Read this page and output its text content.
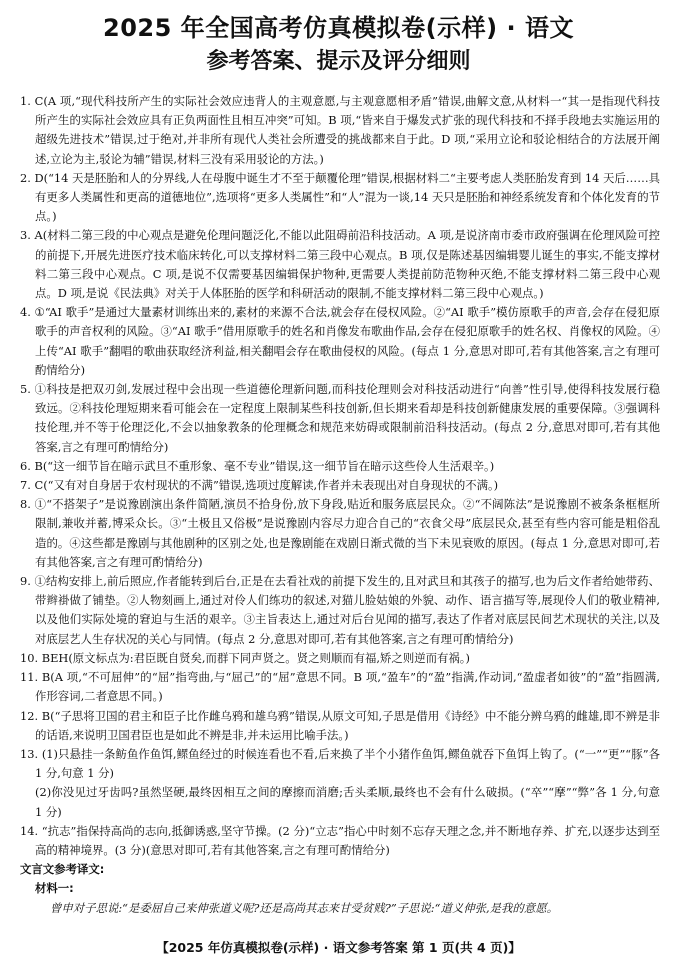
2025 年全国高考仿真模拟卷(示样) · 语文
参考答案、提示及评分细则

1. C(A 项,“现代科技所产生的实际社会效应违背人的主观意愿,与主观意愿相矛盾”错误,曲解文意,从材料一“其一是指现代科技所产生的实际社会效应具有正负两面性且相互冲突”可知。B 项,“皆来自于爆发式扩张的现代科技和不择手段地去实施运用的超级先进技术”错误,过于绝对,并非所有现代人类社会所遭受的挑战都来自于此。D 项,“采用立论和驳论相结合的方法展开阐述,立论为主,驳论为辅”错误,材料三没有采用驳论的方法。)

2. D(“14 天是胚胎和人的分界线,人在母腹中诞生才不至于颠覆伦理”错误,根据材料二“主要考虑人类胚胎发育到 14 天后……具有更多人类属性和更高的道德地位”,选项将“更多人类属性”和“人”混为一谈,14 天只是胚胎和神经系统发育和个体化发育的节点。)

3. A(材料二第三段的中心观点是避免伦理问题泛化,不能以此阻碍前沿科技活动。A 项,是说济南市委市政府强调在伦理风险可控的前提下,开展先进医疗技术临床转化,可以支撑材料二第三段中心观点。B 项,仅是陈述基因编辑婴儿诞生的事实,不能支撑材料二第三段中心观点。C 项,是说不仅需要基因编辑保护物种,更需要人类提前防范物种灭绝,不能支撑材料二第三段中心观点。D 项,是说《民法典》对关于人体胚胎的医学和科研活动的限制,不能支撑材料二第三段中心观点。)

4. ①“AI 歌手”是通过大量素材训练出来的,素材的来源不合法,就会存在侵权风险。②“AI 歌手”模仿原歌手的声音,会存在侵犯原歌手的声音权利的风险。③“AI 歌手”借用原歌手的姓名和肖像发布歌曲作品,会存在侵犯原歌手的姓名权、肖像权的风险。④上传“AI 歌手”翻唱的歌曲获取经济利益,相关翻唱会存在歌曲侵权的风险。(每点 1 分,意思对即可,若有其他答案,言之有理可酌情给分)

5. ①科技是把双刃剑,发展过程中会出现一些道德伦理新问题,而科技伦理则会对科技活动进行“向善”性引导,使得科技发展行稳致远。②科技伦理短期来看可能会在一定程度上限制某些科技创新,但长期来看却是科技创新健康发展的重要保障。③强调科技伦理,并不等于伦理泛化,不会以抽象教条的伦理概念和规范来妨碍或限制前沿科技活动。(每点 2 分,意思对即可,若有其他答案,言之有理可酌情给分)

6. B(“这一细节旨在暗示武旦不重形象、毫不专业”错误,这一细节旨在暗示这些伶人生活艰辛。)

7. C(“又有对自身居于农村现状的不满”错误,选项过度解读,作者并未表现出对自身现状的不满。)

8. ①“不搭架子”是说豫剧演出条件简陋,演员不拾身份,放下身段,贴近和服务底层民众。②“不阔陈法”是说豫剧不被条条框框所限制,兼收并蓄,博采众长。③“土极且又俗极”是说豫剧内容尽力迎合自己的“衣食父母”底层民众,甚至有些内容可能是粗俗乱造的。④这些都是豫剧与其他剧种的区别之处,也是豫剧能在戏剧日渐式微的当下未见衰败的原因。(每点 1 分,意思对即可,若有其他答案,言之有理可酌情给分)

9. ①结构安排上,前后照应,作者能转到后台,正是在去看社戏的前提下发生的,且对武旦和其孩子的描写,也为后文作者给她带药、带辫褂做了铺垫。②人物刻画上,通过对伶人们练功的叙述,对猫儿脸姑娘的外貌、动作、语言描写等,展现伶人们的敬业精神,以及他们实际处境的窘迫与生活的艰辛。③主旨表达上,通过对后台见闻的描写,表达了作者对底层民间艺术现状的关注,以及对底层艺人生存状况的关心与同情。(每点 2 分,意思对即可,若有其他答案,言之有理可酌情给分)

10. BEH(原文标点为:君臣既自贤矣,而群下同声贤之。贤之则顺而有福,矫之则逆而有祸。)

11. B(A 项,“不可屈伸”的“屈”指弯曲,与“屈己”的“屈”意思不同。B 项,“盈车”的“盈”指满,作动词,“盈虚者如彼”的“盈”指圆满,作形容词,二者意思不同。)

12. B(“子思将卫国的君主和臣子比作雌乌鸦和雄乌鸦”错误,从原文可知,子思是借用《诗经》中不能分辨乌鸦的雌雄,即不辨是非的话语,来说明卫国君臣也是如此不辨是非,并未运用比喻手法。)

13. (1)只悬挂一条鲂鱼作鱼饵,鳏鱼经过的时候连看也不看,后来换了半个小猪作鱼饵,鳏鱼就吞下鱼饵上钩了。(“一”“更”“豚”各 1 分,句意 1 分)

(2)你没见过牙齿吗?虽然坚硬,最终因相互之间的摩擦而消磨;舌头柔顺,最终也不会有什么破损。(“卒”“摩”“弊”各 1 分,句意 1 分)

14. “抗志”指保持高尚的志向,抵御诱惑,坚守节操。(2 分)“立志”指心中时刻不忘存天理之念,并不断地存养、扩充,以逐步达到至高的精神境界。(3 分)(意思对即可,若有其他答案,言之有理可酌情给分)

文言文参考译文:

材料一:

曾申对子思说:“是委屈自己来伸张道义呢?还是高尚其志来甘受贫贱?”子思说:“道义伸张,是我的意愿。

【2025 年仿真模拟卷(示样) · 语文参考答案 第 1 页(共 4 页)】
